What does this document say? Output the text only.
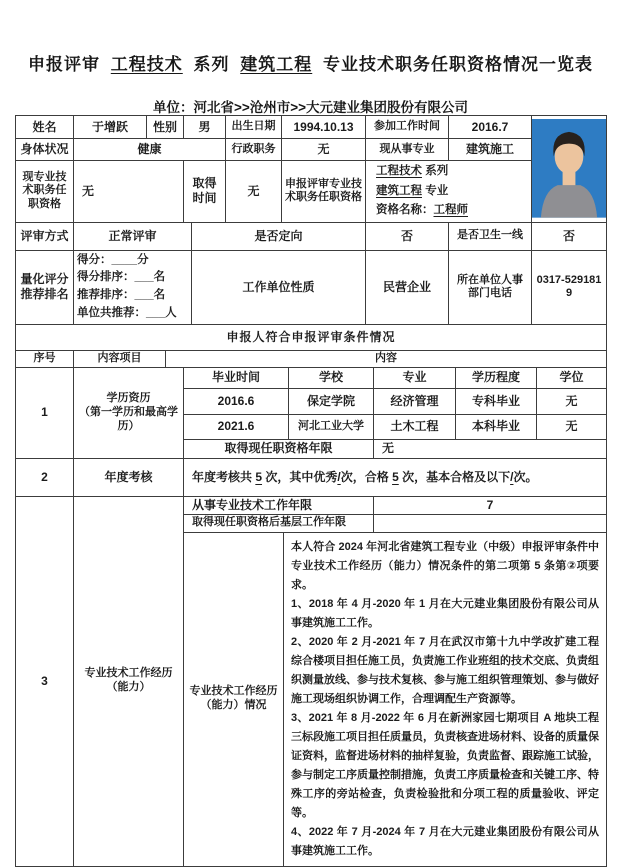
申报评审 工程技术 系列 建筑工程 专业技术职务任职资格情况一览表
单位：河北省>>沧州市>>大元建业集团股份有限公司
姓名	于增跃	性别	男	出生日期	1994.10.13	参加工作时间	2016.7	

身体状况	健康			行政职务	无	现从事专业	建筑施工	
现专业技术职务任职资格	无		取得时间	无	申报评审专业技术职务任职资格	工程技术 系列
建筑工程 专业
资格名称：工程师		
评审方式	正常评审	是否定向	否	是否卫生一线	否
量化评分推荐排名	得分：____分
得分排序：___名
推荐排序：___名
单位共推荐：___人	工作单位性质	民营企业	所在单位人事部门电话	0317-5291819
申报人符合申报评审条件情况
序号	内容项目	内容
1	学历资历
（第一学历和最高学历）	毕业时间	学校	专业	学历程度	学位
		2016.6	保定学院	经济管理	专科毕业	无
		2021.6	河北工业大学	土木工程	本科毕业	无
		取得现任职资格年限		无		
2	年度考核	年度考核共 5 次，其中优秀/次，合格 5 次，基本合格及以下/次。
3	专业技术工作经历
（能力）	从事专业技术工作年限		7
		取得现任职资格后基层工作年限		
		专业技术工作经历（能力）情况	本人符合 2024 年河北省建筑工程专业（中级）申报评审条件中专业技术工作经历（能力）情况条件的第二项第 5 条第②项要求。

1、2018 年 4 月-2020 年 1 月在大元建业集团股份有限公司从事建筑施工工作。

2、2020 年 2 月-2021 年 7 月在武汉市第十九中学改扩建工程综合楼项目担任施工员，负责施工作业班组的技术交底、负责组织测量放线、参与技术复核、参与施工组织管理策划、参与做好施工现场组织协调工作，合理调配生产资源等。

3、2021 年 8 月-2022 年 6 月在新洲家园七期项目 A 地块工程三标段施工项目担任质量员，负责核查进场材料、设备的质量保证资料，监督进场材料的抽样复验，负责监督、跟踪施工试验，参与制定工序质量控制措施，负责工序质量检查和关键工序、特殊工序的旁站检查，负责检验批和分项工程的质量验收、评定等。

4、2022 年 7 月-2024 年 7 月在大元建业集团股份有限公司从事建筑施工工作。	
